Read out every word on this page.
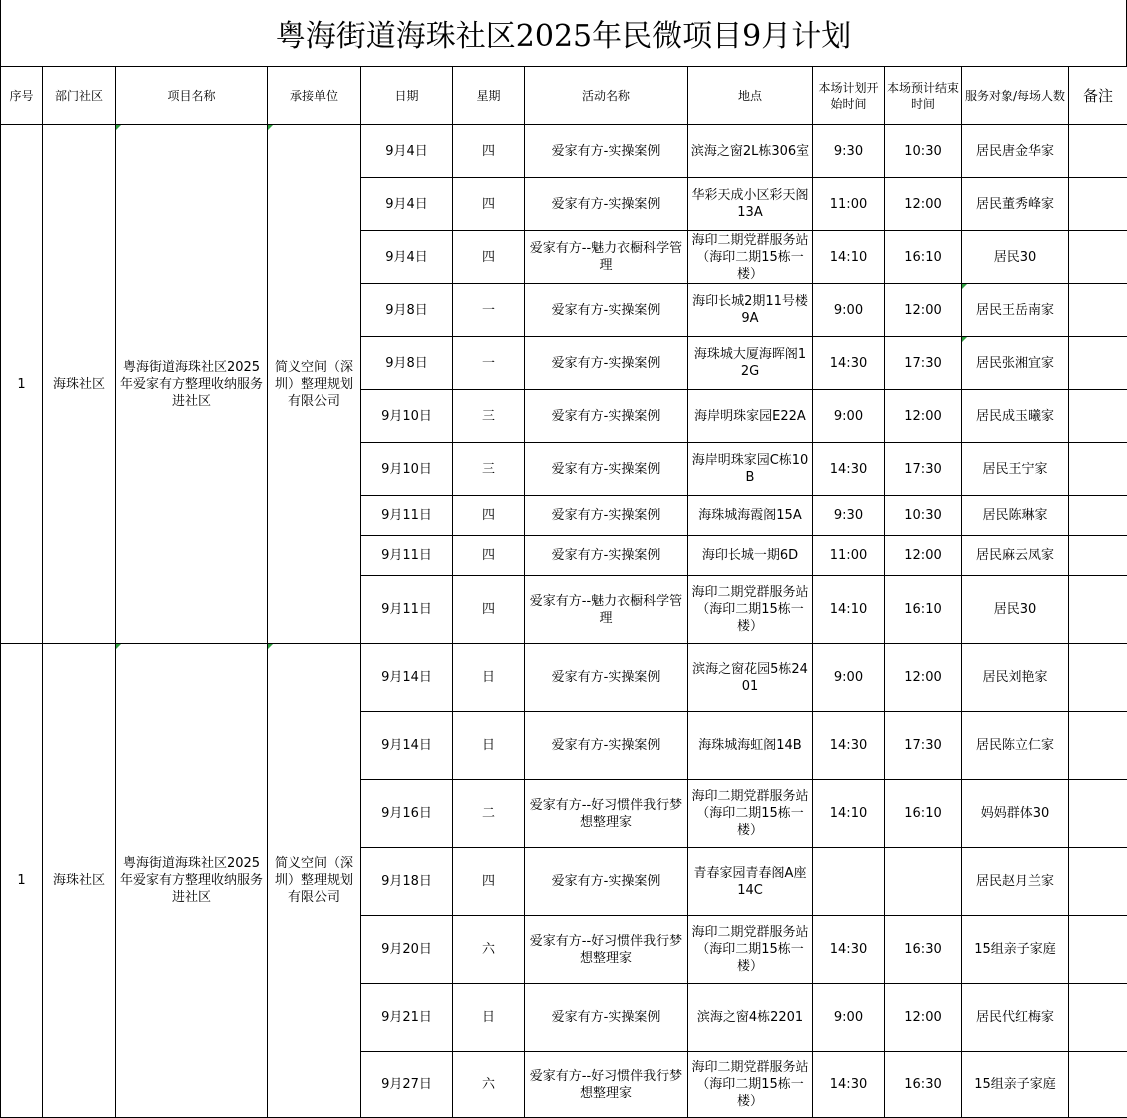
粤海街道海珠社区2025年民微项目9月计划
序号	部门社区	项目名称	承接单位	日期	星期	活动名称	地点	本场计划开始时间	本场预计结束时间	服务对象/每场人数	备注
1	海珠社区	粤海街道海珠社区2025年爱家有方整理收纳服务进社区	简义空间（深圳）整理规划有限公司	9月4日	四	爱家有方-实操案例	滨海之窗2L栋306室	9:30	10:30	居民唐金华家	
				9月4日	四	爱家有方-实操案例	华彩天成小区彩天阁 13A	11:00	12:00	居民董秀峰家	
				9月4日	四	爱家有方--魅力衣橱科学管理	海印二期党群服务站（海印二期15栋一楼）	14:10	16:10	居民30	
				9月8日	一	爱家有方-实操案例	海印长城2期11号楼9A	9:00	12:00	居民王岳南家	
				9月8日	一	爱家有方-实操案例	海珠城大厦海晖阁12G	14:30	17:30	居民张湘宜家	
				9月10日	三	爱家有方-实操案例	海岸明珠家园E22A	9:00	12:00	居民成玉曦家	
				9月10日	三	爱家有方-实操案例	海岸明珠家园C栋10B	14:30	17:30	居民王宁家	
				9月11日	四	爱家有方-实操案例	海珠城海霞阁15A	9:30	10:30	居民陈琳家	
				9月11日	四	爱家有方-实操案例	海印长城一期6D	11:00	12:00	居民麻云凤家	
				9月11日	四	爱家有方--魅力衣橱科学管理	海印二期党群服务站（海印二期15栋一楼）	14:10	16:10	居民30	
1	海珠社区	粤海街道海珠社区2025年爱家有方整理收纳服务进社区	简义空间（深圳）整理规划有限公司	9月14日	日	爱家有方-实操案例	滨海之窗花园5栋2401	9:00	12:00	居民刘艳家	
				9月14日	日	爱家有方-实操案例	海珠城海虹阁14B	14:30	17:30	居民陈立仁家	
				9月16日	二	爱家有方--好习惯伴我行梦想整理家	海印二期党群服务站（海印二期15栋一楼）	14:10	16:10	妈妈群体30	
				9月18日	四	爱家有方-实操案例	青春家园青春阁A座14C			居民赵月兰家	
				9月20日	六	爱家有方--好习惯伴我行梦想整理家	海印二期党群服务站（海印二期15栋一楼）	14:30	16:30	15组亲子家庭	
				9月21日	日	爱家有方-实操案例	滨海之窗4栋2201	9:00	12:00	居民代红梅家	
				9月27日	六	爱家有方--好习惯伴我行梦想整理家	海印二期党群服务站（海印二期15栋一楼）	14:30	16:30	15组亲子家庭	
